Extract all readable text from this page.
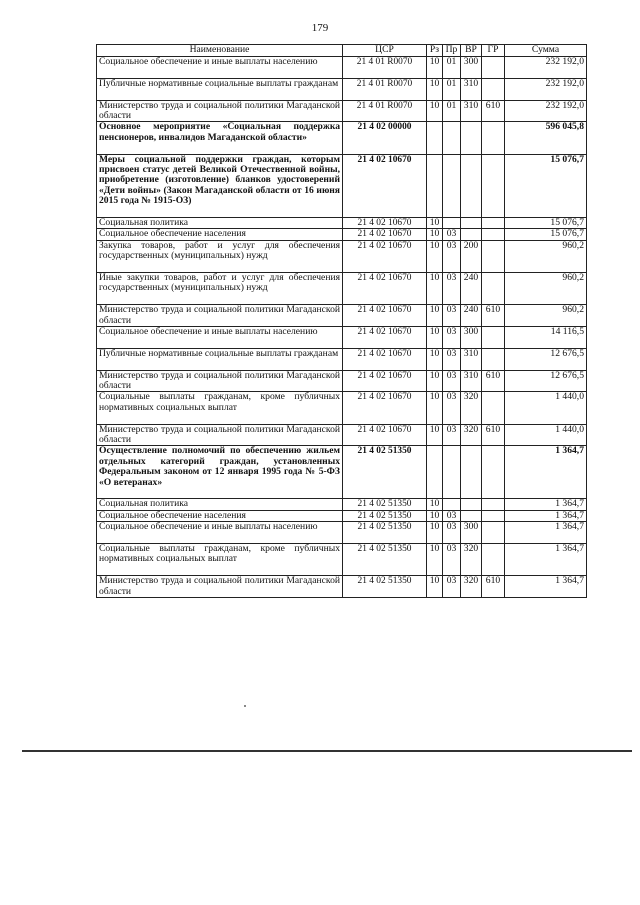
179
Наименование	ЦСР	Рз	Пр	ВР	ГР	Сумма
Социальное обеспечение и иные выплаты населению	21 4 01 R0070	10	01	300		232 192,0
Публичные нормативные социальные выплаты гражданам	21 4 01 R0070	10	01	310		232 192,0
Министерство труда и социальной политики Магаданской области	21 4 01 R0070	10	01	310	610	232 192,0
Основное мероприятие «Социальная поддержка пенсионеров, инвалидов Магаданской области»	21 4 02 00000					596 045,8
Меры социальной поддержки граждан, которым присвоен статус детей Великой Отечественной войны, приобретение (изготовление) бланков удостоверений «Дети войны» (Закон Магаданской области от 16 июня 2015 года № 1915-ОЗ)	21 4 02 10670					15 076,7
Социальная политика	21 4 02 10670	10				15 076,7
Социальное обеспечение населения	21 4 02 10670	10	03			15 076,7
Закупка товаров, работ и услуг для обеспечения государственных (муниципальных) нужд	21 4 02 10670	10	03	200		960,2
Иные закупки товаров, работ и услуг для обеспечения государственных (муниципальных) нужд	21 4 02 10670	10	03	240		960,2
Министерство труда и социальной политики Магаданской области	21 4 02 10670	10	03	240	610	960,2
Социальное обеспечение и иные выплаты населению	21 4 02 10670	10	03	300		14 116,5
Публичные нормативные социальные выплаты гражданам	21 4 02 10670	10	03	310		12 676,5
Министерство труда и социальной политики Магаданской области	21 4 02 10670	10	03	310	610	12 676,5
Социальные выплаты гражданам, кроме публичных нормативных социальных выплат	21 4 02 10670	10	03	320		1 440,0
Министерство труда и социальной политики Магаданской области	21 4 02 10670	10	03	320	610	1 440,0
Осуществление полномочий по обеспечению жильем отдельных категорий граждан, установленных Федеральным законом от 12 января 1995 года № 5-ФЗ «О ветеранах»	21 4 02 51350					1 364,7
Социальная политика	21 4 02 51350	10				1 364,7
Социальное обеспечение населения	21 4 02 51350	10	03			1 364,7
Социальное обеспечение и иные выплаты населению	21 4 02 51350	10	03	300		1 364,7
Социальные выплаты гражданам, кроме публичных нормативных социальных выплат	21 4 02 51350	10	03	320		1 364,7
Министерство труда и социальной политики Магаданской области	21 4 02 51350	10	03	320	610	1 364,7
